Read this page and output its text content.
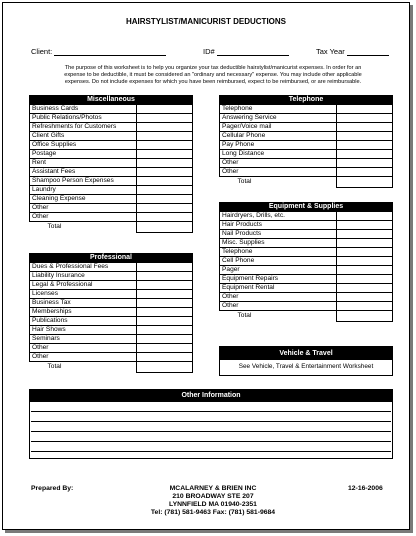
HAIRSTYLIST/MANICURIST DEDUCTIONS
Client:	ID#	Tax Year
The purpose of this worksheet is to help you organize your tax deductible hairstylist/manicurist expenses. In order for an
expense to be deductible, it must be considered an "ordinary and necessary" expense. You may include other applicable
expenses. Do not include expenses for which you have been reimbursed, expect to be reimbursed, or are reimbursable.
Miscellaneous	
Business Cards	
Public Relations/Photos	
Refreshments for Customers	
Client Gifts	
Office Supplies	
Postage	
Rent	
Assistant Fees	
Shampoo Person Expenses	
Laundry	
Cleaning Expense	
Other	
Other	
Total	
Professional	
Dues & Professional Fees	
Liability Insurance	
Legal & Professional	
Licenses	
Business Tax	
Memberships	
Publications	
Hair Shows	
Seminars	
Other	
Other	
Total	
Telephone	
Telephone	
Answering Service	
Pager/Voice mail	
Cellular Phone	
Pay Phone	
Long Distance	
Other	
Other	
Total	
Equipment & Supplies	
Hairdryers, Drills, etc.	
Hair Products	
Nail Products	
Misc. Supplies	
Telephone	
Cell Phone	
Pager	
Equipment Repairs	
Equipment Rental	
Other	
Other	
Total	
Vehicle & Travel
See Vehicle, Travel & Entertainment Worksheet
Other Information
Prepared By:	MCALARNEY & BRIEN INC
210 BROADWAY STE 207
LYNNFIELD MA 01940-2351
Tel: (781) 581-9463 Fax: (781) 581-9684
12-16-2006
